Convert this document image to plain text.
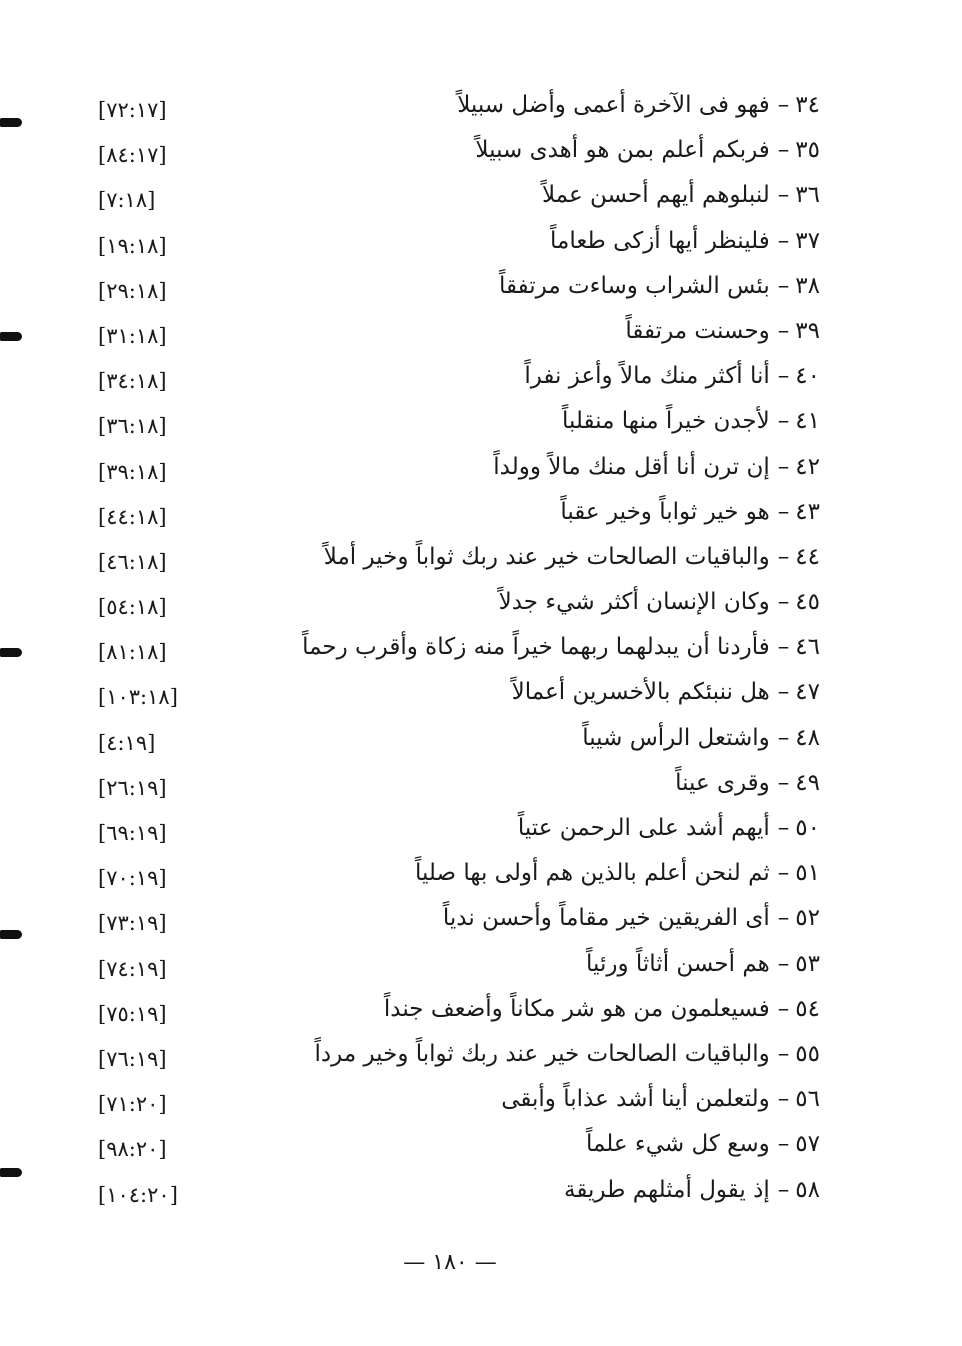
[٧٢:١٧]	٣٤–فهو فى الآخرة أعمى وأضل سبيلاً
[٨٤:١٧]	٣٥–فربكم أعلم بمن هو أهدى سبيلاً
[٧:١٨]	٣٦–لنبلوهم أيهم أحسن عملاً
[١٩:١٨]	٣٧–فلينظر أيها أزكى طعاماً
[٢٩:١٨]	٣٨–بئس الشراب وساءت مرتفقاً
[٣١:١٨]	٣٩–وحسنت مرتفقاً
[٣٤:١٨]	٤٠–أنا أكثر منك مالاً وأعز نفراً
[٣٦:١٨]	٤١–لأجدن خيراً منها منقلباً
[٣٩:١٨]	٤٢–إن ترن أنا أقل منك مالاً وولداً
[٤٤:١٨]	٤٣–هو خير ثواباً وخير عقباً
[٤٦:١٨]	٤٤–والباقيات الصالحات خير عند ربك ثواباً وخير أملاً
[٥٤:١٨]	٤٥–وكان الإنسان أكثر شيء جدلاً
[٨١:١٨]	٤٦–فأردنا أن يبدلهما ربهما خيراً منه زكاة وأقرب رحماً
[١٠٣:١٨]	٤٧–هل ننبئكم بالأخسرين أعمالاً
[٤:١٩]	٤٨–واشتعل الرأس شيباً
[٢٦:١٩]	٤٩–وقرى عيناً
[٦٩:١٩]	٥٠–أيهم أشد على الرحمن عتياً
[٧٠:١٩]	٥١–ثم لنحن أعلم بالذين هم أولى بها صلياً
[٧٣:١٩]	٥٢–أى الفريقين خير مقاماً وأحسن ندياً
[٧٤:١٩]	٥٣–هم أحسن أثاثاً ورئياً
[٧٥:١٩]	٥٤–فسيعلمون من هو شر مكاناً وأضعف جنداً
[٧٦:١٩]	٥٥–والباقيات الصالحات خير عند ربك ثواباً وخير مرداً
[٧١:٢٠]	٥٦–ولتعلمن أينا أشد عذاباً وأبقى
[٩٨:٢٠]	٥٧–وسع كل شيء علماً
[١٠٤:٢٠]	٥٨–إذ يقول أمثلهم طريقة
— ١٨٠ —
